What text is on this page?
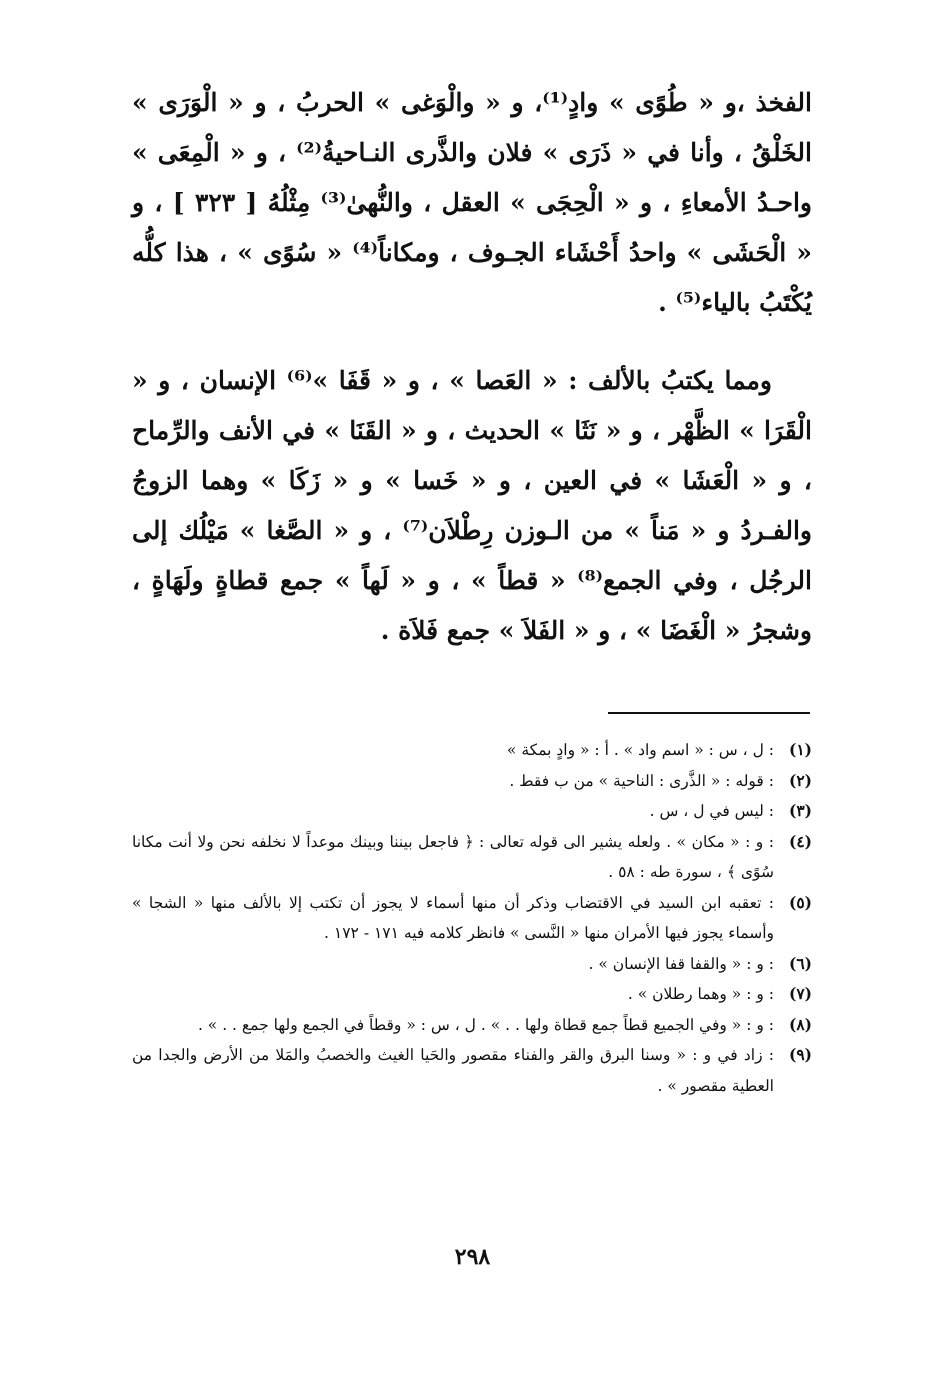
الفخذ ،و « طُوًى » وادٍ⁽¹⁾، و « والْوَغى » الحربُ ، و « الْوَرَى » الخَلْقُ ، وأنا في « ذَرَى » فلان والذَّرى النـاحيةُ⁽²⁾ ، و « الْمِعَى » واحـدُ الأمعاءِ ، و « الْحِجَى » العقل ، والنُّهىٰ⁽³⁾ مِثْلُهُ [ ٣٢٣ ] ، و « الْحَشَى » واحدُ أَحْشَاء الجـوف ، ومكاناً⁽⁴⁾ « سُوًى » ، هذا كلُّه يُكْتَبُ بالياء⁽⁵⁾ .

ومما يكتبُ بالألف : « العَصا » ، و « قَفَا »⁽⁶⁾ الإنسان ، و « الْقَرَا » الظَّهْر ، و « نَثَا » الحديث ، و « القَنَا » في الأنف والرِّماح ، و « الْعَشَا » في العين ، و « خَسا » و « زَكَا » وهما الزوجُ والفـردُ و « مَناً » من الـوزن رِطْلاَن⁽⁷⁾ ، و « الصَّغا » مَيْلُك إلى الرجُل ، وفي الجمع⁽⁸⁾ « قطاً » ، و « لَهاً » جمع قطاةٍ ولَهَاةٍ ، وشجرُ « الْغَضَا » ، و « الفَلاَ » جمع فَلاَة .

(١)
: ل ، س : « اسم واد » . أ : « وادٍ بمكة »
(٢)
: قوله : « الذَّرى : الناحية » من ب فقط .
(٣)
: ليس في ل ، س .
(٤)
: و : « مكان » . ولعله يشير الى قوله تعالى : ﴿ فاجعل بيننا وبينك موعداً لا نخلفه نحن ولا أنت مكانا سُوًى ﴾ ، سورة طه : ٥٨ .
(٥)
: تعقبه ابن السيد في الاقتضاب وذكر أن منها أسماء لا يجوز أن تكتب إلا بالألف منها « الشجا » وأسماء يجوز فيها الأمران منها « النَّسى » فانظر كلامه فيه ١٧١ - ١٧٢ .
(٦)
: و : « والقفا قفا الإنسان » .
(٧)
: و : « وهما رطلان » .
(٨)
: و : « وفي الجميع قطاً جمع قطاة ولها . . » . ل ، س : « وقطاً في الجمع ولها جمع . . » .
(٩)
: زاد في و : « وسنا البرق والقر والفناء مقصور والحَيا الغيث والخصبُ والمَلا من الأرض والجدا من العطية مقصور » .
٢٩٨
